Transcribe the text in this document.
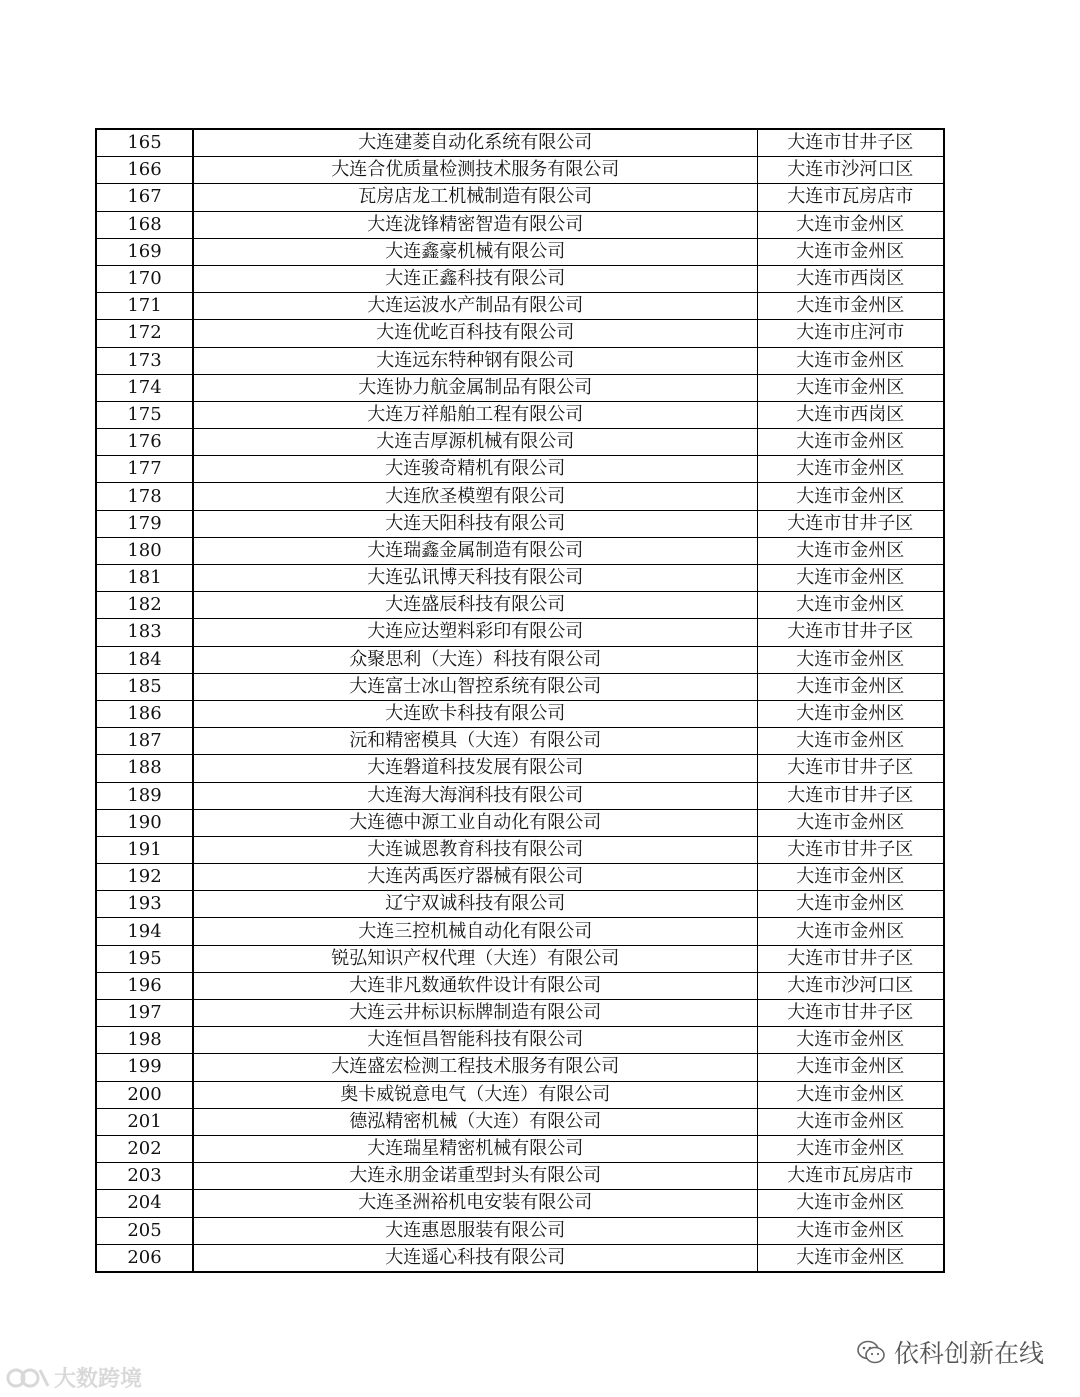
165	大连建菱自动化系统有限公司	大连市甘井子区
166	大连合优质量检测技术服务有限公司	大连市沙河口区
167	瓦房店龙工机械制造有限公司	大连市瓦房店市
168	大连泷锋精密智造有限公司	大连市金州区
169	大连鑫豪机械有限公司	大连市金州区
170	大连正鑫科技有限公司	大连市西岗区
171	大连运波水产制品有限公司	大连市金州区
172	大连优屹百科技有限公司	大连市庄河市
173	大连远东特种钢有限公司	大连市金州区
174	大连协力航金属制品有限公司	大连市金州区
175	大连万祥船舶工程有限公司	大连市西岗区
176	大连吉厚源机械有限公司	大连市金州区
177	大连骏奇精机有限公司	大连市金州区
178	大连欣圣模塑有限公司	大连市金州区
179	大连天阳科技有限公司	大连市甘井子区
180	大连瑞鑫金属制造有限公司	大连市金州区
181	大连弘讯博天科技有限公司	大连市金州区
182	大连盛辰科技有限公司	大连市金州区
183	大连应达塑料彩印有限公司	大连市甘井子区
184	众聚思利（大连）科技有限公司	大连市金州区
185	大连富士冰山智控系统有限公司	大连市金州区
186	大连欧卡科技有限公司	大连市金州区
187	沅和精密模具（大连）有限公司	大连市金州区
188	大连磐道科技发展有限公司	大连市甘井子区
189	大连海大海润科技有限公司	大连市甘井子区
190	大连德中源工业自动化有限公司	大连市金州区
191	大连诚恩教育科技有限公司	大连市甘井子区
192	大连芮禹医疗器械有限公司	大连市金州区
193	辽宁双诚科技有限公司	大连市金州区
194	大连三控机械自动化有限公司	大连市金州区
195	锐弘知识产权代理（大连）有限公司	大连市甘井子区
196	大连非凡数通软件设计有限公司	大连市沙河口区
197	大连云井标识标牌制造有限公司	大连市甘井子区
198	大连恒昌智能科技有限公司	大连市金州区
199	大连盛宏检测工程技术服务有限公司	大连市金州区
200	奥卡威锐意电气（大连）有限公司	大连市金州区
201	德泓精密机械（大连）有限公司	大连市金州区
202	大连瑞星精密机械有限公司	大连市金州区
203	大连永朋金诺重型封头有限公司	大连市瓦房店市
204	大连圣洲裕机电安装有限公司	大连市金州区
205	大连惠恩服装有限公司	大连市金州区
206	大连遥心科技有限公司	大连市金州区
依科创新在线
大数跨境
